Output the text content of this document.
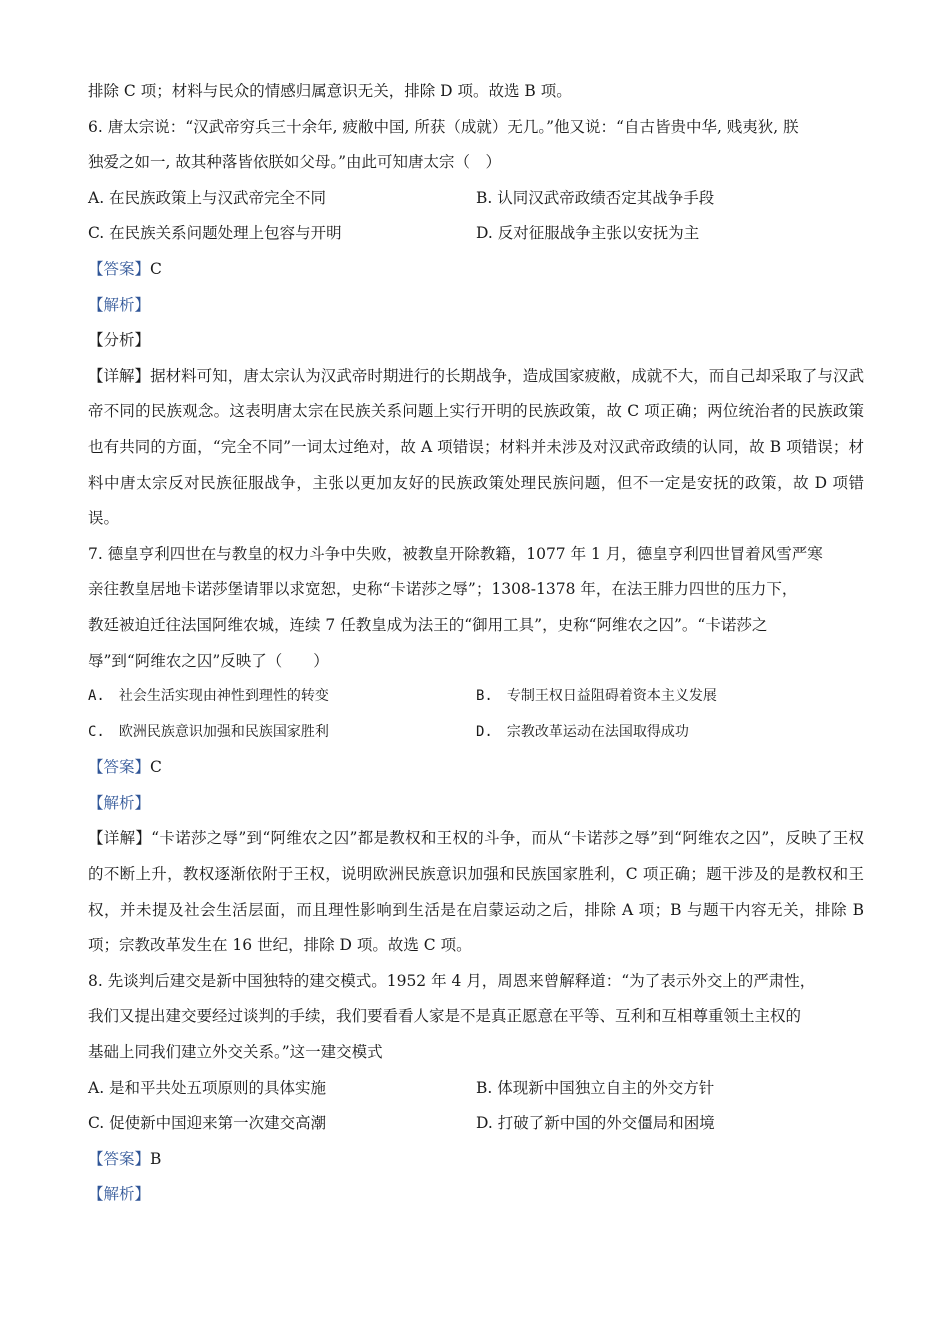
排除 C 项；材料与民众的情感归属意识无关，排除 D 项。故选 B 项。
6. 唐太宗说：“汉武帝穷兵三十余年, 疲敝中国, 所获（成就）无几。”他又说：“自古皆贵中华, 贱夷狄, 朕
独爱之如一, 故其种落皆依朕如父母。”由此可知唐太宗（　）
A. 在民族政策上与汉武帝完全不同	B. 认同汉武帝政绩否定其战争手段
C. 在民族关系问题处理上包容与开明	D. 反对征服战争主张以安抚为主
【答案】C
【解析】
【分析】
【详解】据材料可知，唐太宗认为汉武帝时期进行的长期战争，造成国家疲敝，成就不大，而自己却采取了与汉武帝不同的民族观念。这表明唐太宗在民族关系问题上实行开明的民族政策，故 C 项正确；两位统治者的民族政策也有共同的方面，“完全不同”一词太过绝对，故 A 项错误；材料并未涉及对汉武帝政绩的认同，故 B 项错误；材料中唐太宗反对民族征服战争，主张以更加友好的民族政策处理民族问题，但不一定是安抚的政策，故 D 项错误。
7. 德皇亨利四世在与教皇的权力斗争中失败，被教皇开除教籍，1077 年 1 月，德皇亨利四世冒着风雪严寒
亲往教皇居地卡诺莎堡请罪以求宽恕，史称“卡诺莎之辱”；1308-1378 年，在法王腓力四世的压力下，
教廷被迫迁往法国阿维农城，连续 7 任教皇成为法王的“御用工具”，史称“阿维农之囚”。“卡诺莎之
辱”到“阿维农之囚”反映了（　　）
A.　社会生活实现由神性到理性的转变	B.　专制王权日益阻碍着资本主义发展
C.　欧洲民族意识加强和民族国家胜利	D.　宗教改革运动在法国取得成功
【答案】C
【解析】
【详解】“卡诺莎之辱”到“阿维农之囚”都是教权和王权的斗争，而从“卡诺莎之辱”到“阿维农之囚”，反映了王权的不断上升，教权逐渐依附于王权，说明欧洲民族意识加强和民族国家胜利，C 项正确；题干涉及的是教权和王权，并未提及社会生活层面，而且理性影响到生活是在启蒙运动之后，排除 A 项；B 与题干内容无关，排除 B 项；宗教改革发生在 16 世纪，排除 D 项。故选 C 项。
8. 先谈判后建交是新中国独特的建交模式。1952 年 4 月，周恩来曾解释道：“为了表示外交上的严肃性，
我们又提出建交要经过谈判的手续，我们要看看人家是不是真正愿意在平等、互利和互相尊重领土主权的
基础上同我们建立外交关系。”这一建交模式
A. 是和平共处五项原则的具体实施	B. 体现新中国独立自主的外交方针
C. 促使新中国迎来第一次建交高潮	D. 打破了新中国的外交僵局和困境
【答案】B
【解析】
